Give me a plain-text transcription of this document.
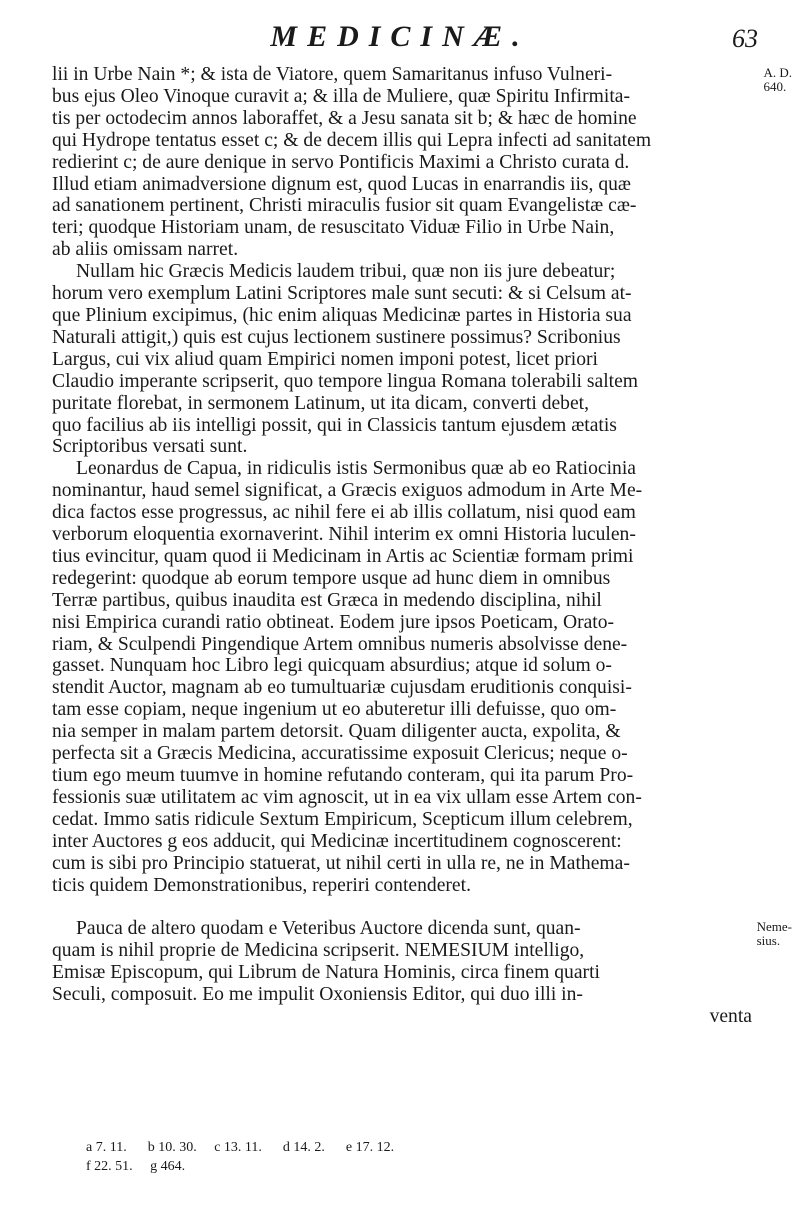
MEDICINÆ.	63
A. D.
640.
Neme-
sius.
lii in Urbe Nain *; & ista de Viatore, quem Samaritanus infuso Vulneri-
bus ejus Oleo Vinoque curavit a; & illa de Muliere, quæ Spiritu Infirmita-
tis per octodecim annos laboraffet, & a Jesu sanata sit b; & hæc de homine
qui Hydrope tentatus esset c; & de decem illis qui Lepra infecti ad sanitatem
redierint c; de aure denique in servo Pontificis Maximi a Christo curata d.
Illud etiam animadversione dignum est, quod Lucas in enarrandis iis, quæ
ad sanationem pertinent, Christi miraculis fusior sit quam Evangelistæ cæ-
teri; quodque Historiam unam, de resuscitato Viduæ Filio in Urbe Nain,
ab aliis omissam narret.
Nullam hic Græcis Medicis laudem tribui, quæ non iis jure debeatur;
horum vero exemplum Latini Scriptores male sunt secuti: & si Celsum at-
que Plinium excipimus, (hic enim aliquas Medicinæ partes in Historia sua
Naturali attigit,) quis est cujus lectionem sustinere possimus? Scribonius
Largus, cui vix aliud quam Empirici nomen imponi potest, licet priori
Claudio imperante scripserit, quo tempore lingua Romana tolerabili saltem
puritate florebat, in sermonem Latinum, ut ita dicam, converti debet,
quo facilius ab iis intelligi possit, qui in Classicis tantum ejusdem ætatis
Scriptoribus versati sunt.
Leonardus de Capua, in ridiculis istis Sermonibus quæ ab eo Ratiocinia
nominantur, haud semel significat, a Græcis exiguos admodum in Arte Me-
dica factos esse progressus, ac nihil fere ei ab illis collatum, nisi quod eam
verborum eloquentia exornaverint. Nihil interim ex omni Historia luculen-
tius evincitur, quam quod ii Medicinam in Artis ac Scientiæ formam primi
redegerint: quodque ab eorum tempore usque ad hunc diem in omnibus
Terræ partibus, quibus inaudita est Græca in medendo disciplina, nihil
nisi Empirica curandi ratio obtineat. Eodem jure ipsos Poeticam, Orato-
riam, & Sculpendi Pingendique Artem omnibus numeris absolvisse dene-
gasset. Nunquam hoc Libro legi quicquam absurdius; atque id solum o-
stendit Auctor, magnam ab eo tumultuariæ cujusdam eruditionis conquisi-
tam esse copiam, neque ingenium ut eo abuteretur illi defuisse, quo om-
nia semper in malam partem detorsit. Quam diligenter aucta, expolita, &
perfecta sit a Græcis Medicina, accuratissime exposuit Clericus; neque o-
tium ego meum tuumve in homine refutando conteram, qui ita parum Pro-
fessionis suæ utilitatem ac vim agnoscit, ut in ea vix ullam esse Artem con-
cedat. Immo satis ridicule Sextum Empiricum, Scepticum illum celebrem,
inter Auctores g eos adducit, qui Medicinæ incertitudinem cognoscerent:
cum is sibi pro Principio statuerat, ut nihil certi in ulla re, ne in Mathema-
ticis quidem Demonstrationibus, reperiri contenderet.
Pauca de altero quodam e Veteribus Auctore dicenda sunt, quan-
quam is nihil proprie de Medicina scripserit. NEMESIUM intelligo,
Emisæ Episcopum, qui Librum de Natura Hominis, circa finem quarti
Seculi, composuit. Eo me impulit Oxoniensis Editor, qui duo illi in-
venta
a 7. 11.      b 10. 30.     c 13. 11.      d 14. 2.      e 17. 12.
f 22. 51.     g 464.
